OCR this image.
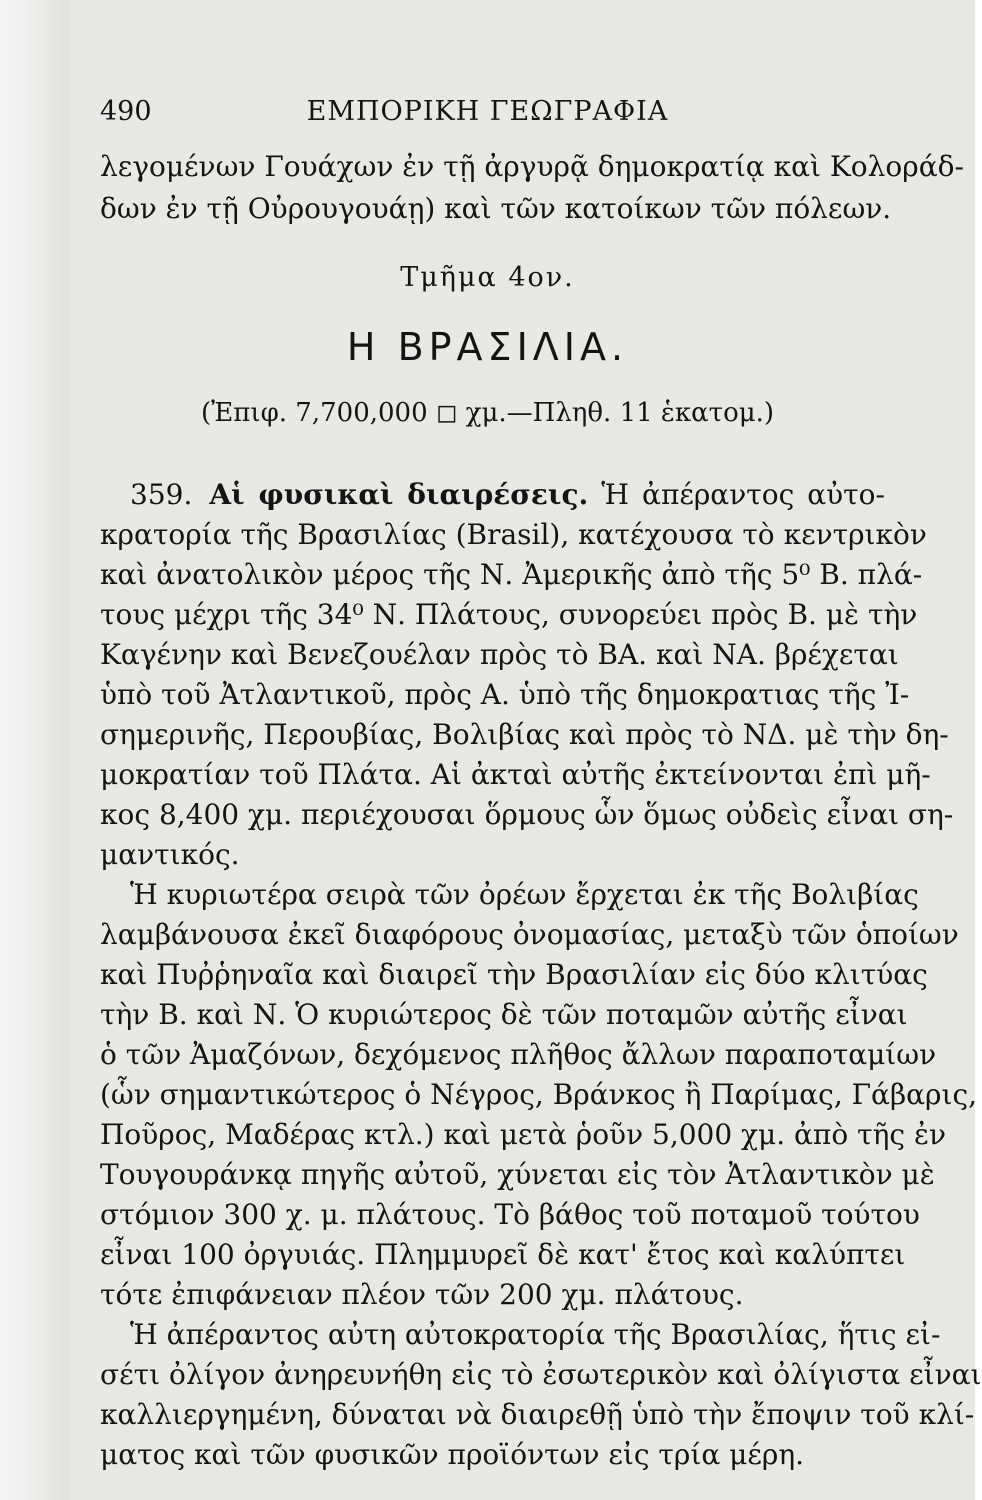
490	ΕΜΠΟΡΙΚΗ ΓΕΩΓΡΑΦΙΑ
λεγομένων Γουάχων ἐν τῇ ἀργυρᾷ δημοκρατίᾳ καὶ Κολοράδ-
δων ἐν τῇ Οὐρουγουάῃ) καὶ τῶν κατοίκων τῶν πόλεων.
Τμῆμα 4ον.
Η ΒΡΑΣΙΛΙΑ.
(Ἐπιφ. 7,700,000 ◻ χμ.—Πληθ. 11 ἑκατομ.)
359. Αἱ φυσικαὶ διαιρέσεις. Ἡ ἀπέραντος αὐτο-
κρατορία τῆς Βρασιλίας (Brasil), κατέχουσα τὸ κεντρικὸν
καὶ ἀνατολικὸν μέρος τῆς Ν. Ἀμερικῆς ἀπὸ τῆς 5⁰ Β. πλά-
τους μέχρι τῆς 34⁰ Ν. Πλάτους, συνορεύει πρὸς Β. μὲ τὴν
Καγένην καὶ Βενεζουέλαν πρὸς τὸ ΒΑ. καὶ ΝΑ. βρέχεται
ὑπὸ τοῦ Ἀτλαντικοῦ, πρὸς Α. ὑπὸ τῆς δημοκρατιας τῆς Ἰ-
σημερινῆς, Περουβίας, Βολιβίας καὶ πρὸς τὸ ΝΔ. μὲ τὴν δη-
μοκρατίαν τοῦ Πλάτα. Αἱ ἀκταὶ αὐτῆς ἐκτείνονται ἐπὶ μῆ-
κος 8,400 χμ. περιέχουσαι ὅρμους ὧν ὅμως οὐδεὶς εἶναι ση-
μαντικός.
Ἡ κυριωτέρα σειρὰ τῶν ὀρέων ἔρχεται ἐκ τῆς Βολιβίας
λαμβάνουσα ἐκεῖ διαφόρους ὀνομασίας, μεταξὺ τῶν ὁποίων
καὶ Πυῤῥηναῖα καὶ διαιρεῖ τὴν Βρασιλίαν εἰς δύο κλιτύας
τὴν Β. καὶ Ν. Ὁ κυριώτερος δὲ τῶν ποταμῶν αὐτῆς εἶναι
ὁ τῶν Ἀμαζόνων, δεχόμενος πλῆθος ἄλλων παραποταμίων
(ὧν σημαντικώτερος ὁ Νέγρος, Βράνκος ἢ Παρίμας, Γάβαρις,
Ποῦρος, Μαδέρας κτλ.) καὶ μετὰ ῥοῦν 5,000 χμ. ἀπὸ τῆς ἐν
Τουγουράνκᾳ πηγῆς αὐτοῦ, χύνεται εἰς τὸν Ἀτλαντικὸν μὲ
στόμιον 300 χ. μ. πλάτους. Τὸ βάθος τοῦ ποταμοῦ τούτου
εἶναι 100 ὀργυιάς. Πλημμυρεῖ δὲ κατ' ἔτος καὶ καλύπτει
τότε ἐπιφάνειαν πλέον τῶν 200 χμ. πλάτους.
Ἡ ἀπέραντος αὐτη αὐτοκρατορία τῆς Βρασιλίας, ἥτις εἰ-
σέτι ὀλίγον ἀνηρευνήθη εἰς τὸ ἐσωτερικὸν καὶ ὀλίγιστα εἶναι
καλλιεργημένη, δύναται νὰ διαιρεθῇ ὑπὸ τὴν ἔποψιν τοῦ κλί-
ματος καὶ τῶν φυσικῶν προϊόντων εἰς τρία μέρη.
